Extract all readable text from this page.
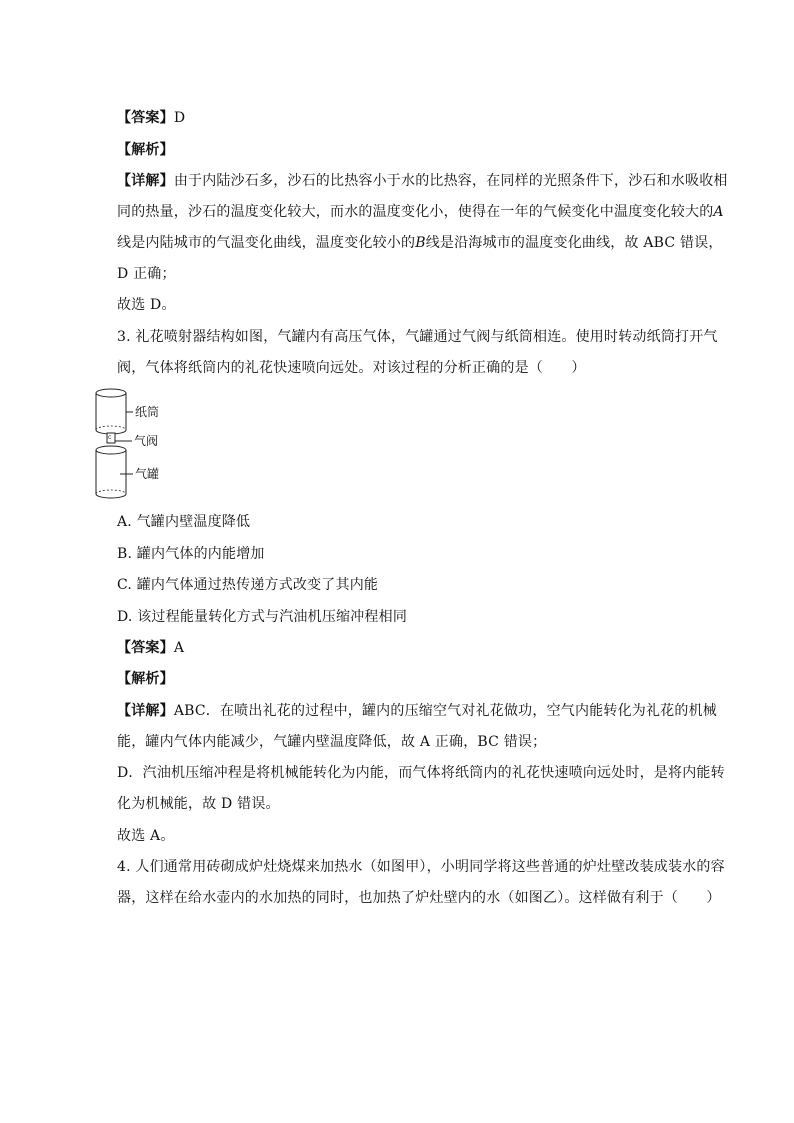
【答案】D
【解析】
【详解】由于内陆沙石多，沙石的比热容小于水的比热容，在同样的光照条件下，沙石和水吸收相
同的热量，沙石的温度变化较大，而水的温度变化小，使得在一年的气候变化中温度变化较大的A
线是内陆城市的气温变化曲线，温度变化较小的B线是沿海城市的温度变化曲线，故 ABC 错误，
D 正确；
故选 D。
3. 礼花喷射器结构如图，气罐内有高压气体，气罐通过气阀与纸筒相连。使用时转动纸筒打开气
阀，气体将纸筒内的礼花快速喷向远处。对该过程的分析正确的是（　　）
c
纸筒
气阀
气罐
A. 气罐内壁温度降低
B. 罐内气体的内能增加
C. 罐内气体通过热传递方式改变了其内能
D. 该过程能量转化方式与汽油机压缩冲程相同
【答案】A
【解析】
【详解】ABC．在喷出礼花的过程中，罐内的压缩空气对礼花做功，空气内能转化为礼花的机械
能，罐内气体内能减少，气罐内壁温度降低，故 A 正确，BC 错误；
D．汽油机压缩冲程是将机械能转化为内能，而气体将纸筒内的礼花快速喷向远处时，是将内能转
化为机械能，故 D 错误。
故选 A。
4. 人们通常用砖砌成炉灶烧煤来加热水（如图甲），小明同学将这些普通的炉灶壁改装成装水的容
器，这样在给水壶内的水加热的同时，也加热了炉灶壁内的水（如图乙）。这样做有利于（　　）
